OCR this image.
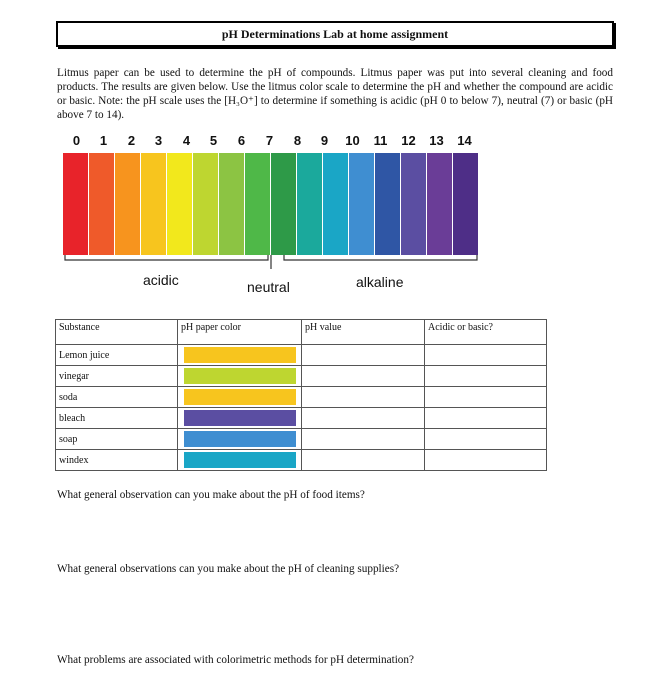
pH Determinations Lab at home assignment

Litmus paper can be used to determine the pH of compounds. Litmus paper was put into several cleaning and food products. The results are given below. Use the litmus color scale to determine the pH and whether the compound are acidic or basic. Note: the pH scale uses the [H₃O⁺] to determine if something is acidic (pH 0 to below 7), neutral (7) or basic (pH above 7 to 14).

0	1	2	3	4	5	6	7	8	9	10	11	12	13	14
acidic	neutral	alkaline
Substance	pH paper color	pH value	Acidic or basic?
Lemon juice	

vinegar	

soda	

bleach	

soap	

windex	

What general observation can you make about the pH of food items?
What general observations can you make about the pH of cleaning supplies?
What problems are associated with colorimetric methods for pH determination?
